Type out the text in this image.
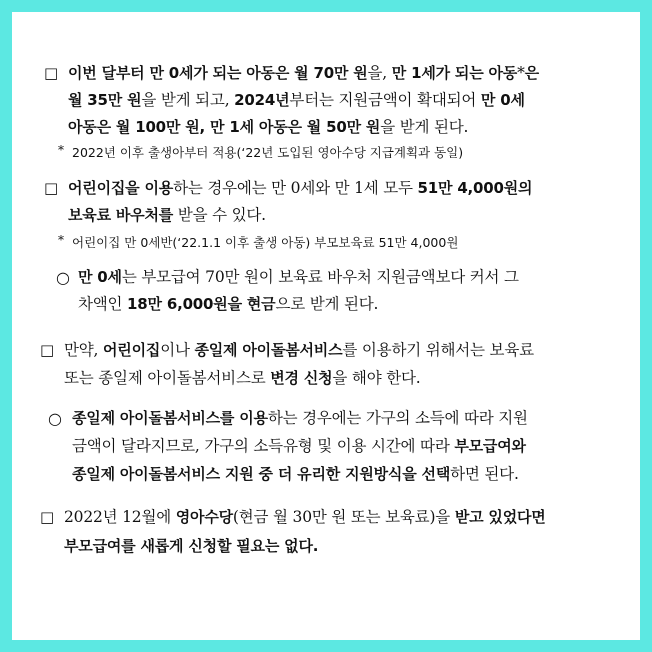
□ 이번 달부터 만 0세가 되는 아동은 월 70만 원을, 만 1세가 되는 아동*은
월 35만 원을 받게 되고, 2024년부터는 지원금액이 확대되어 만 0세
아동은 월 100만 원, 만 1세 아동은 월 50만 원을 받게 된다.
* 2022년 이후 출생아부터 적용(‘22년 도입된 영아수당 지급계획과 동일)
□ 어린이집을 이용하는 경우에는 만 0세와 만 1세 모두 51만 4,000원의
보육료 바우처를 받을 수 있다.
* 어린이집 만 0세반(‘22.1.1 이후 출생 아동) 부모보육료 51만 4,000원
○ 만 0세는 부모급여 70만 원이 보육료 바우처 지원금액보다 커서 그
차액인 18만 6,000원을 현금으로 받게 된다.
□ 만약, 어린이집이나 종일제 아이돌봄서비스를 이용하기 위해서는 보육료
또는 종일제 아이돌봄서비스로 변경 신청을 해야 한다.
○ 종일제 아이돌봄서비스를 이용하는 경우에는 가구의 소득에 따라 지원
금액이 달라지므로, 가구의 소득유형 및 이용 시간에 따라 부모급여와
종일제 아이돌봄서비스 지원 중 더 유리한 지원방식을 선택하면 된다.
□ 2022년 12월에 영아수당(현금 월 30만 원 또는 보육료)을 받고 있었다면
부모급여를 새롭게 신청할 필요는 없다.
